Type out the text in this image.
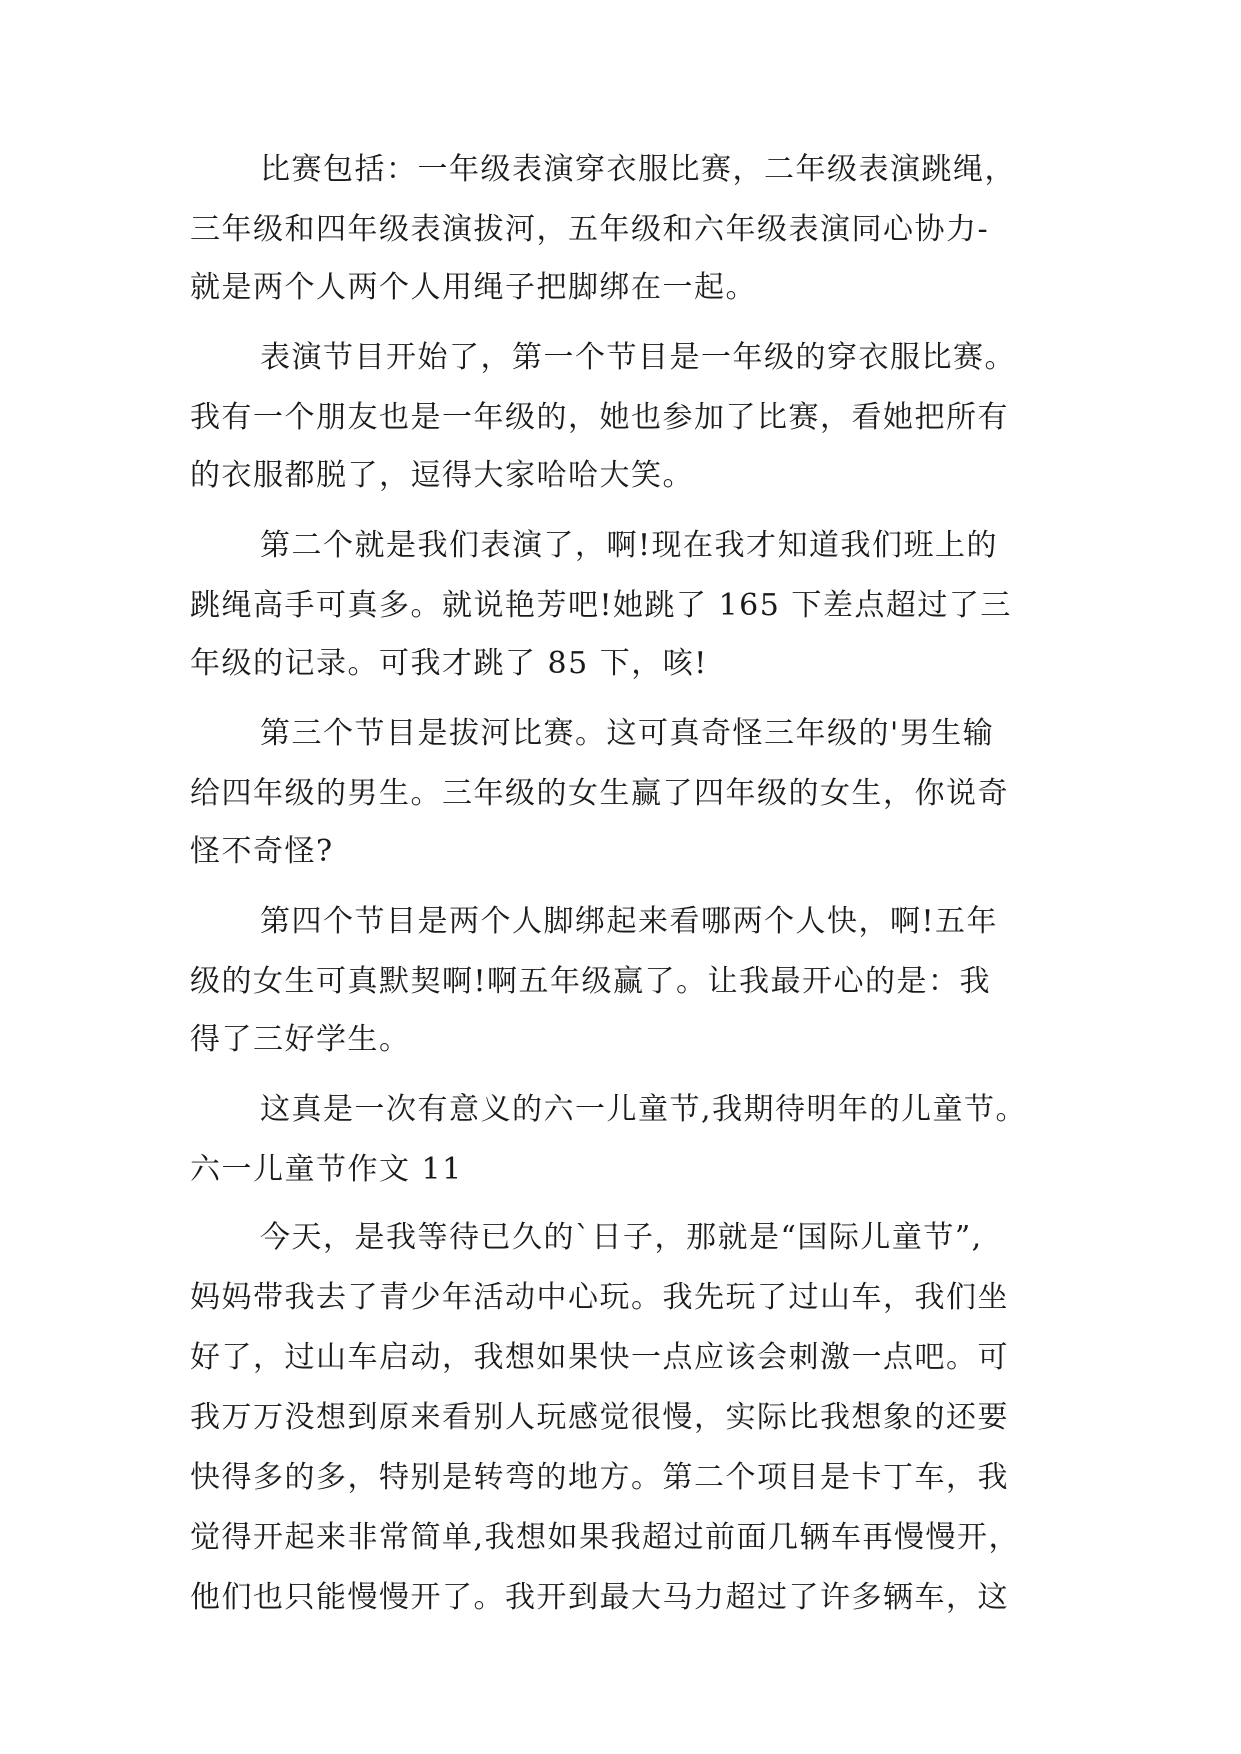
比赛包括：一年级表演穿衣服比赛，二年级表演跳绳，
三年级和四年级表演拔河，五年级和六年级表演同心协力-
就是两个人两个人用绳子把脚绑在一起。
表演节目开始了，第一个节目是一年级的穿衣服比赛。
我有一个朋友也是一年级的，她也参加了比赛，看她把所有
的衣服都脱了，逗得大家哈哈大笑。
第二个就是我们表演了，啊!现在我才知道我们班上的
跳绳高手可真多。就说艳芳吧!她跳了 165 下差点超过了三
年级的记录。可我才跳了 85 下，咳!
第三个节目是拔河比赛。这可真奇怪三年级的'男生输
给四年级的男生。三年级的女生赢了四年级的女生，你说奇
怪不奇怪?
第四个节目是两个人脚绑起来看哪两个人快，啊!五年
级的女生可真默契啊!啊五年级赢了。让我最开心的是：我
得了三好学生。
这真是一次有意义的六一儿童节,我期待明年的儿童节。
六一儿童节作文 11
今天，是我等待已久的`日子，那就是“国际儿童节”,
妈妈带我去了青少年活动中心玩。我先玩了过山车，我们坐
好了，过山车启动，我想如果快一点应该会刺激一点吧。可
我万万没想到原来看别人玩感觉很慢，实际比我想象的还要
快得多的多，特别是转弯的地方。第二个项目是卡丁车，我
觉得开起来非常简单,我想如果我超过前面几辆车再慢慢开，
他们也只能慢慢开了。我开到最大马力超过了许多辆车，这
